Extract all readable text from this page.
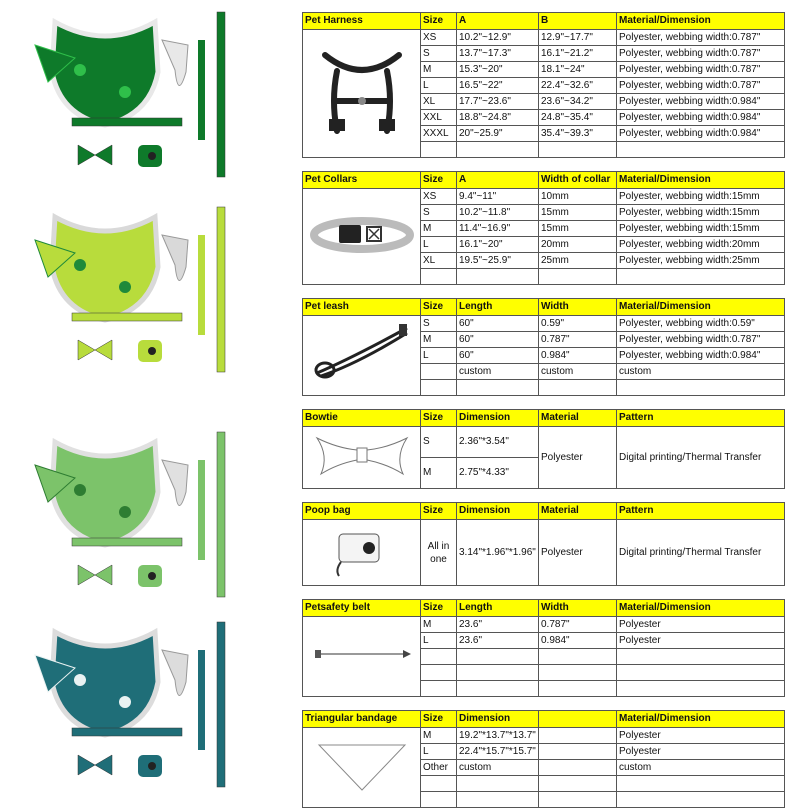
Pet Harness	Size	A	B	Material/Dimension
	XS	10.2"~12.9"	12.9"~17.7"	Polyester, webbing width:0.787"
	S	13.7"~17.3"	16.1"~21.2"	Polyester, webbing width:0.787"
	M	15.3"~20"	18.1"~24"	Polyester, webbing width:0.787"
	L	16.5"~22"	22.4"~32.6"	Polyester, webbing width:0.787"
	XL	17.7"~23.6"	23.6"~34.2"	Polyester, webbing width:0.984"
	XXL	18.8"~24.8"	24.8"~35.4"	Polyester, webbing width:0.984"
	XXXL	20"~25.9"	35.4"~39.3"	Polyester, webbing width:0.984"

Pet Collars	Size	A	Width of collar	Material/Dimension
	XS	9.4"~11"	10mm	Polyester, webbing width:15mm
	S	10.2"~11.8"	15mm	Polyester, webbing width:15mm
	M	11.4"~16.9"	15mm	Polyester, webbing width:15mm
	L	16.1"~20"	20mm	Polyester, webbing width:20mm
	XL	19.5"~25.9"	25mm	Polyester, webbing width:25mm

Pet leash	Size	Length	Width	Material/Dimension
	S	60"	0.59"	Polyester, webbing width:0.59"
	M	60"	0.787"	Polyester, webbing width:0.787"
	L	60"	0.984"	Polyester, webbing width:0.984"
		custom	custom	custom

Bowtie	Size	Dimension	Material	Pattern
	S	2.36"*3.54"	Polyester	Digital printing/Thermal Transfer
	M	2.75"*4.33"		
Poop bag	Size	Dimension	Material	Pattern
	All in one	3.14"*1.96"*1.96"	Polyester	Digital printing/Thermal Transfer
Petsafety belt	Size	Length	Width	Material/Dimension
	M	23.6"	0.787"	Polyester
	L	23.6"	0.984"	Polyester

Triangular bandage	Size	Dimension		Material/Dimension
	M	19.2"*13.7"*13.7"		Polyester
	L	22.4"*15.7"*15.7"		Polyester
	Other	custom		custom
